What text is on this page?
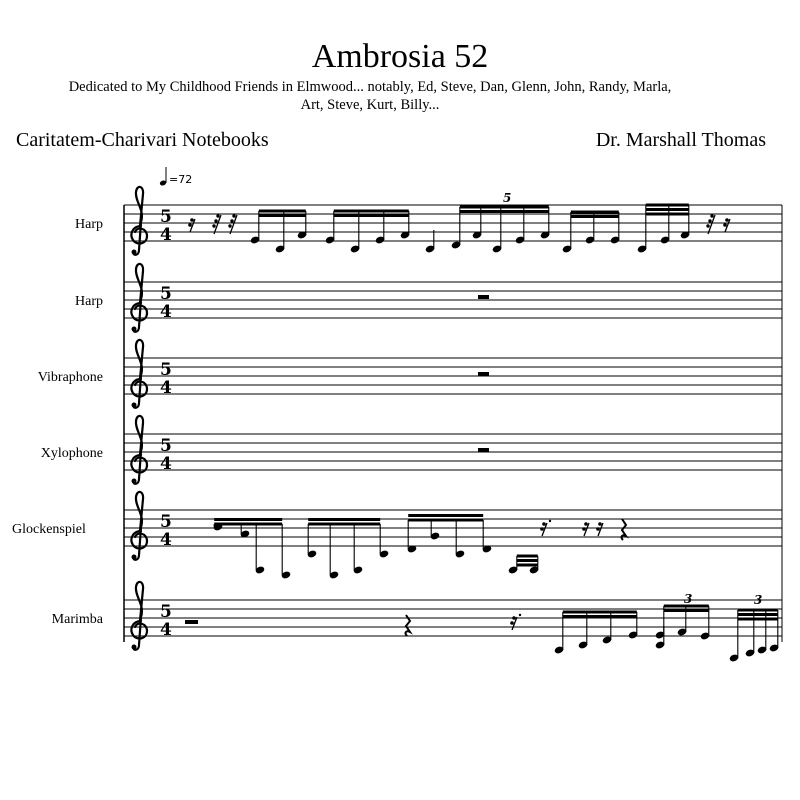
Ambrosia 52
Dedicated to My Childhood Friends in Elmwood... notably, Ed, Steve, Dan, Glenn, John, Randy, Marla,
Art, Steve, Kurt, Billy...
Caritatem-Charivari Notebooks	Dr. Marshall Thomas
=72
Harp	5
4
Harp	5
4
Vibraphone	5
4
Xylophone	5
4
Glockenspiel	5
4
Marimba	5
4
5
3	3
